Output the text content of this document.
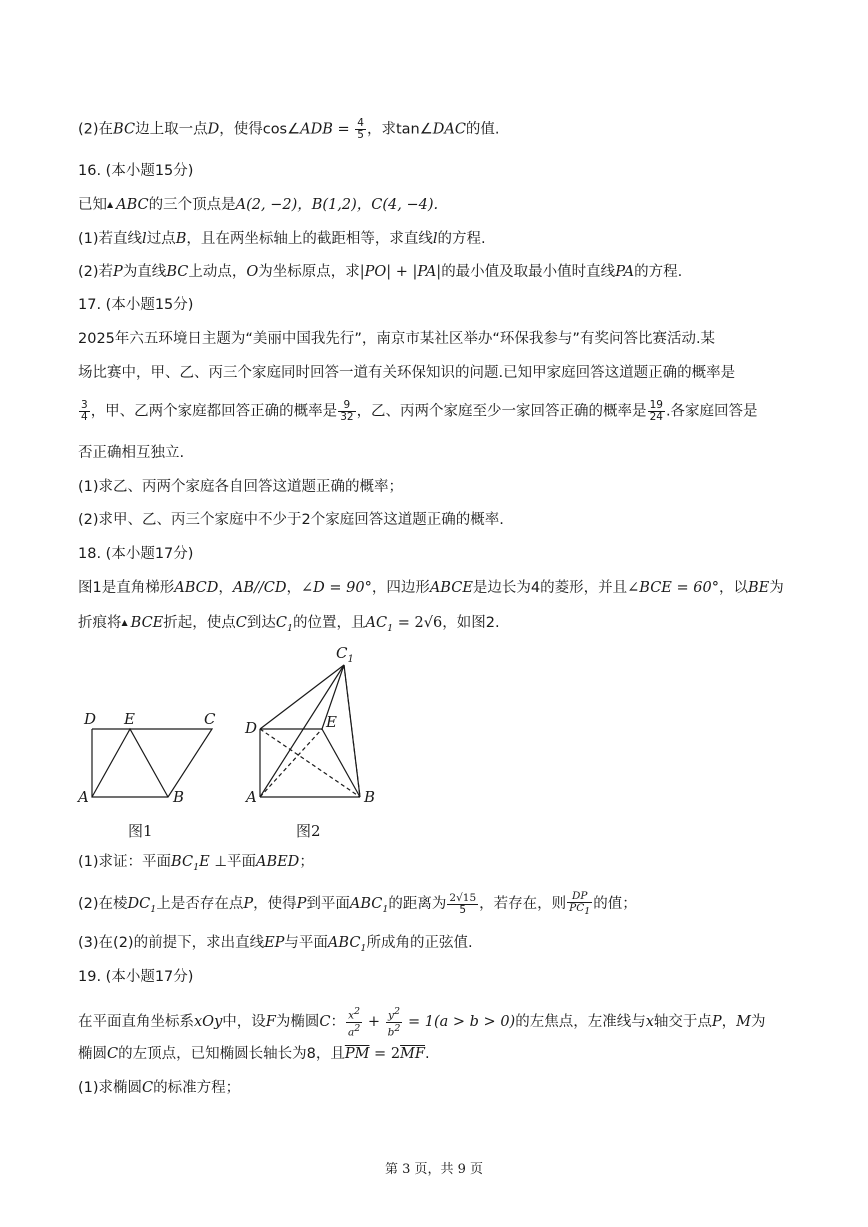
(2)在BC边上取一点D，使得cos∠ADB = $\frac{4}{5}$ ，求tan∠DAC的值.
16. (本小题15分)
已知▲ ABC的三个顶点是A(2, −2)，B(1,2)，C(4, −4).
(1)若直线l过点B，且在两坐标轴上的截距相等，求直线l的方程.
(2)若P为直线BC上动点，O为坐标原点，求|PO| + |PA|的最小值及取最小值时直线PA的方程.
17. (本小题15分)
2025年六五环境日主题为“美丽中国我先行”，南京市某社区举办“环保我参与”有奖问答比赛活动.某
场比赛中，甲、乙、丙三个家庭同时回答一道有关环保知识的问题.已知甲家庭回答这道题正确的概率是
$\frac{3}{4}$ ，甲、乙两个家庭都回答正确的概率是 $\frac{9}{32}$ ，乙、丙两个家庭至少一家回答正确的概率是 $\frac{19}{24}$ .各家庭回答是
否正确相互独立.
(1)求乙、丙两个家庭各自回答这道题正确的概率；
(2)求甲、乙、丙三个家庭中不少于2个家庭回答这道题正确的概率.
18. (本小题17分)
图1是直角梯形ABCD，AB//CD，∠D = 90°，四边形ABCE是边长为4的菱形，并且∠BCE = 60°，以BE为
折痕将▲ BCE折起，使点C到达$C_1$的位置，且$AC_1 = 2√6$，如图2.
D E	C
A	B
图1
$C_1$
D	E
A	B
图2
(1)求证：平面$BC_1E$ ⊥平面ABED；
(2)在棱$DC_1$上是否存在点P，使得P到平面$ABC_1$的距离为 $\frac{2√15}{5}$ ，若存在，则 $\frac{DP}{PC_1}$ 的值；
(3)在(2)的前提下，求出直线EP与平面$ABC_1$所成角的正弦值.
19. (本小题17分)
在平面直角坐标系xOy中，设F为椭圆C： $\frac{x^2}{a^2} + \frac{y^2}{b^2} = 1(a > b > 0)$的左焦点，左准线与x轴交于点P，M为
椭圆C的左顶点，已知椭圆长轴长为8，且$\overline{PM} = 2\overline{MF}$.
(1)求椭圆C的标准方程；
第 3 页，共 9 页
